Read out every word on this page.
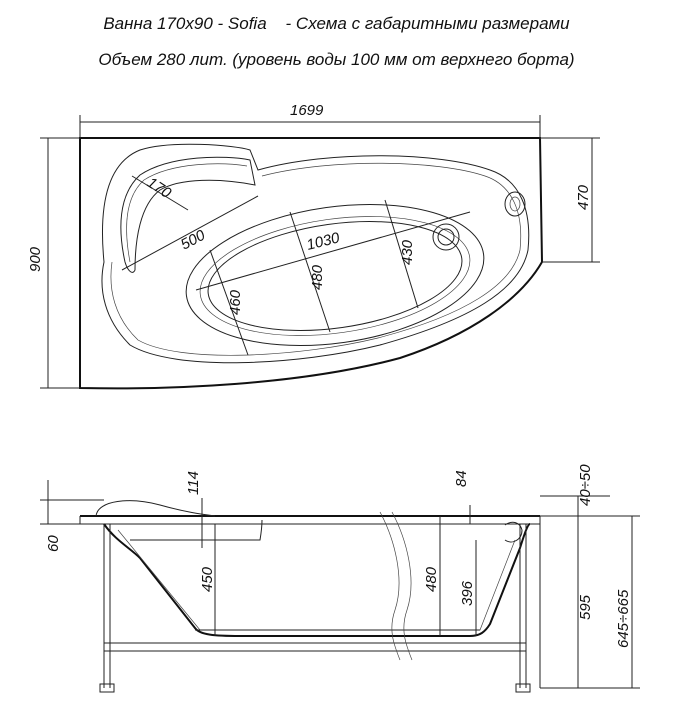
Ванна 170х90 - Sofia    - Схема с габаритными размерами
Объем 280 лит. (уровень воды 100 мм от верхнего борта)
1699
900
470
170
500	1030
480
430
460
60
114
450	480
84
396
40÷50
595 645÷665
